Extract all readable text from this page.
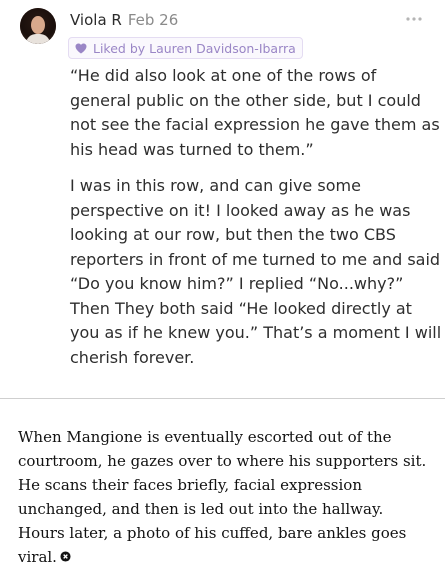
Viola R Feb 26
Liked by Lauren Davidson-Ibarra

“He did also look at one of the rows of general public on the other side, but I could not see the facial expression he gave them as his head was turned to them.”

I was in this row, and can give some perspective on it! I looked away as he was looking at our row, but then the two CBS reporters in front of me turned to me and said “Do you know him?” I replied “No...why?” Then They both said “He looked directly at you as if he knew you.” That’s a moment I will cherish forever.

When Mangione is eventually escorted out of the courtroom, he gazes over to where his supporters sit. He scans their faces briefly, facial expression unchanged, and then is led out into the hallway. Hours later, a photo of his cuffed, bare ankles goes viral.
